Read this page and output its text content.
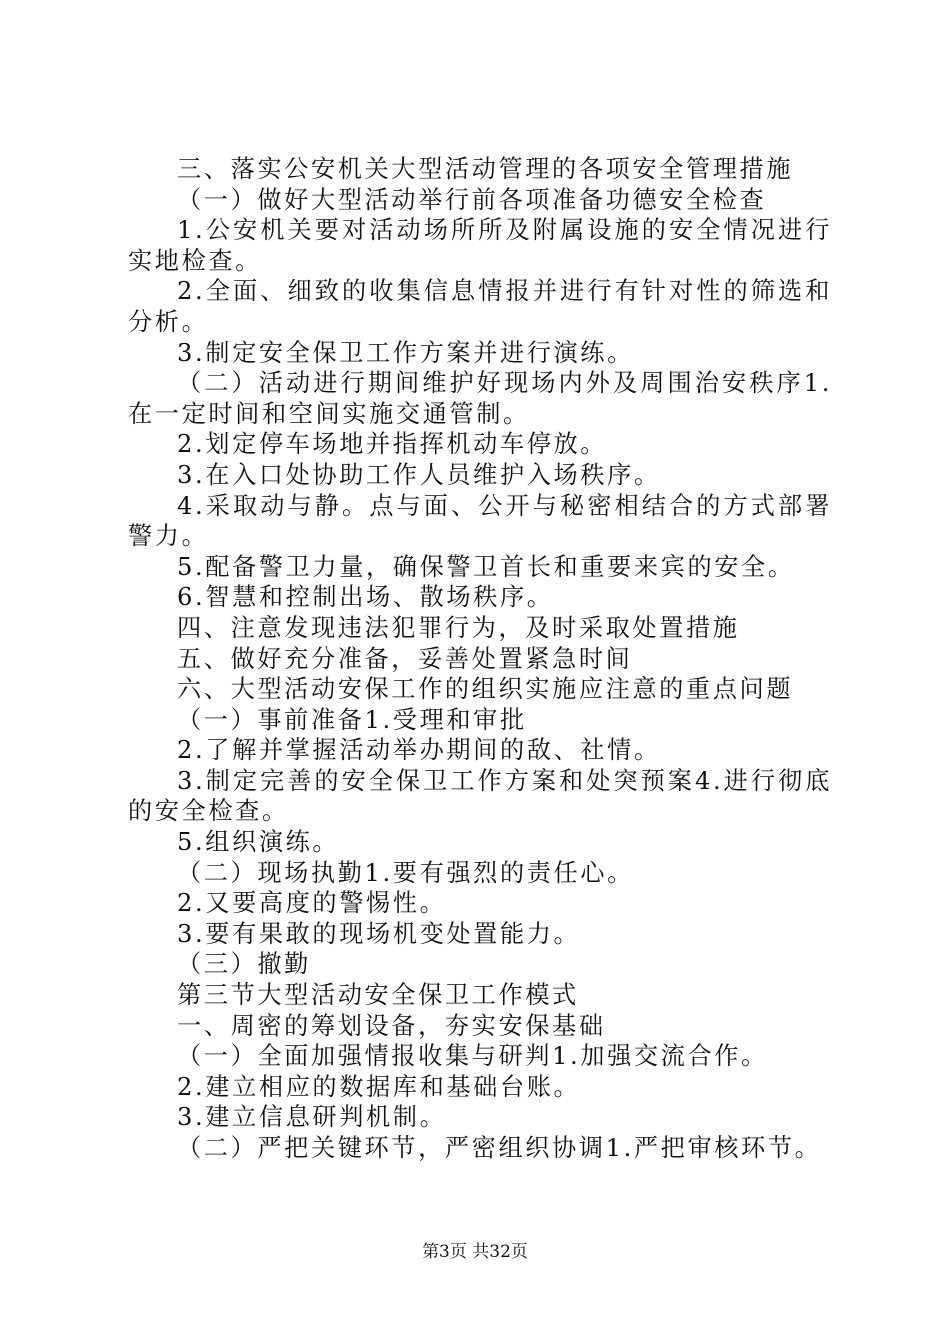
三、落实公安机关大型活动管理的各项安全管理措施

（一）做好大型活动举行前各项准备功德安全检查

1.公安机关要对活动场所所及附属设施的安全情况进行实地检查。

2.全面、细致的收集信息情报并进行有针对性的筛选和分析。

3.制定安全保卫工作方案并进行演练。

（二）活动进行期间维护好现场内外及周围治安秩序1.在一定时间和空间实施交通管制。

2.划定停车场地并指挥机动车停放。

3.在入口处协助工作人员维护入场秩序。

4.采取动与静。点与面、公开与秘密相结合的方式部署警力。

5.配备警卫力量，确保警卫首长和重要来宾的安全。

6.智慧和控制出场、散场秩序。

四、注意发现违法犯罪行为，及时采取处置措施

五、做好充分准备，妥善处置紧急时间

六、大型活动安保工作的组织实施应注意的重点问题

（一）事前准备1.受理和审批

2.了解并掌握活动举办期间的敌、社情。

3.制定完善的安全保卫工作方案和处突预案4.进行彻底的安全检查。

5.组织演练。

（二）现场执勤1.要有强烈的责任心。

2.又要高度的警惕性。

3.要有果敢的现场机变处置能力。

（三）撤勤

第三节大型活动安全保卫工作模式

一、周密的筹划设备，夯实安保基础

（一）全面加强情报收集与研判1.加强交流合作。

2.建立相应的数据库和基础台账。

3.建立信息研判机制。

（二）严把关键环节，严密组织协调1.严把审核环节。

第3页 共32页
